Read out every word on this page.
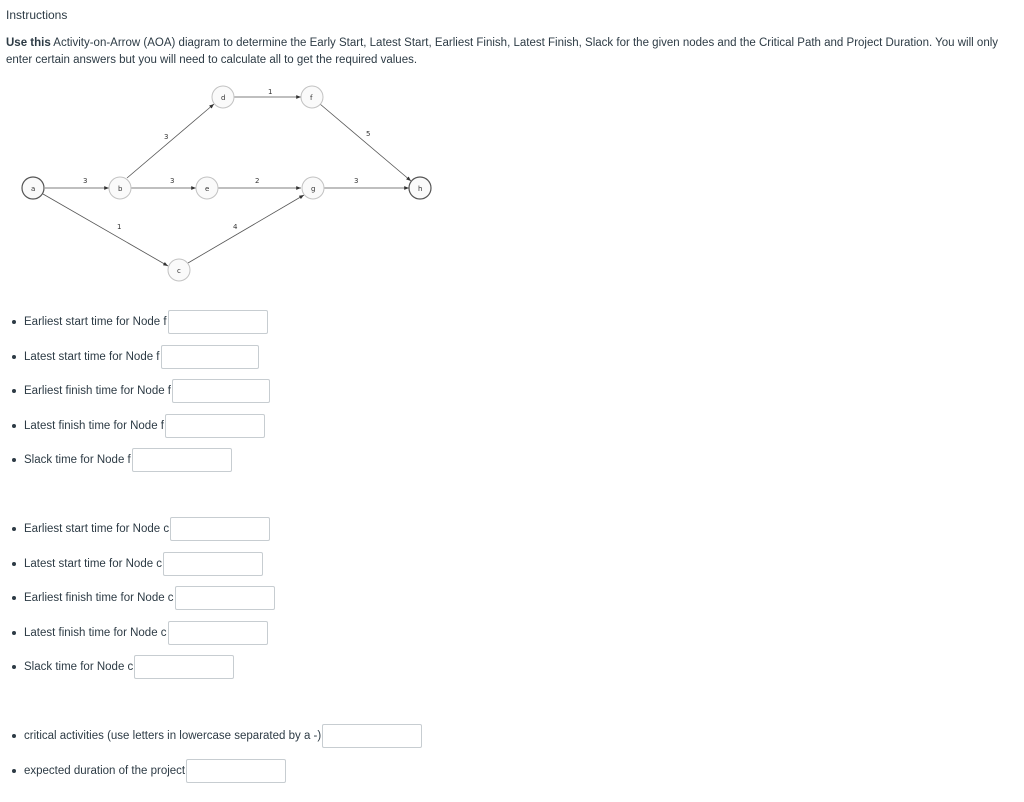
Instructions
Use this Activity-on-Arrow (AOA) diagram to determine the Early Start, Latest Start, Earliest Finish, Latest Finish, Slack for the given nodes and the Critical Path and Project Duration. You will only enter certain answers but you will need to calculate all to get the required values.
3
1
3
3
1
2
4
5
3
a	b
c
d
e
f
g	h
Earliest start time for Node f
Latest start time for Node f
Earliest finish time for Node f
Latest finish time for Node f
Slack time for Node f
Earliest start time for Node c
Latest start time for Node c
Earliest finish time for Node c
Latest finish time for Node c
Slack time for Node c
critical activities (use letters in lowercase separated by a -)
expected duration of the project
